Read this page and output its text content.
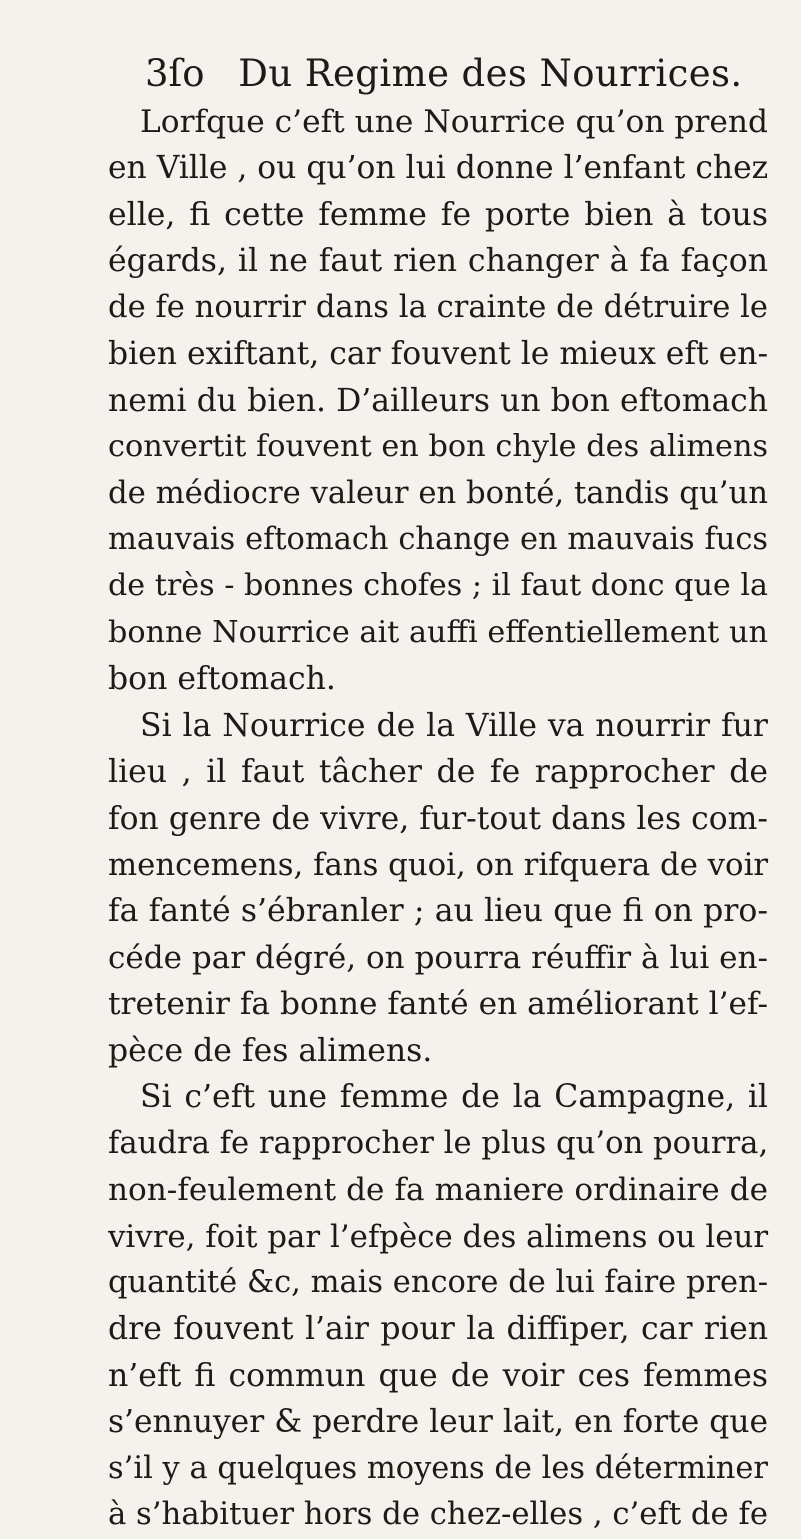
3ſo Du Regime des Nourrices.
Lorfque c’eft une Nourrice qu’on prend
en Ville , ou qu’on lui donne l’enfant chez
elle, fi cette femme fe porte bien à tous
égards, il ne faut rien changer à fa façon
de fe nourrir dans la crainte de détruire le
bien exiftant, car fouvent le mieux eft en-
nemi du bien. D’ailleurs un bon eftomach
convertit fouvent en bon chyle des alimens
de médiocre valeur en bonté, tandis qu’un
mauvais eftomach change en mauvais fucs
de très - bonnes chofes ; il faut donc que la
bonne Nourrice ait auffi effentiellement un
bon eftomach.
Si la Nourrice de la Ville va nourrir fur
lieu , il faut tâcher de fe rapprocher de
fon genre de vivre, fur-tout dans les com-
mencemens, fans quoi, on rifquera de voir
fa fanté s’ébranler ; au lieu que fi on pro-
céde par dégré, on pourra réuffir à lui en-
tretenir fa bonne fanté en améliorant l’ef-
pèce de fes alimens.
Si c’eft une femme de la Campagne, il
faudra fe rapprocher le plus qu’on pourra,
non-feulement de fa maniere ordinaire de
vivre, foit par l’efpèce des alimens ou leur
quantité &c, mais encore de lui faire pren-
dre fouvent l’air pour la diffiper, car rien
n’eft fi commun que de voir ces femmes
s’ennuyer & perdre leur lait, en forte que
s’il y a quelques moyens de les déterminer
à s’habituer hors de chez-elles , c’eft de fe
